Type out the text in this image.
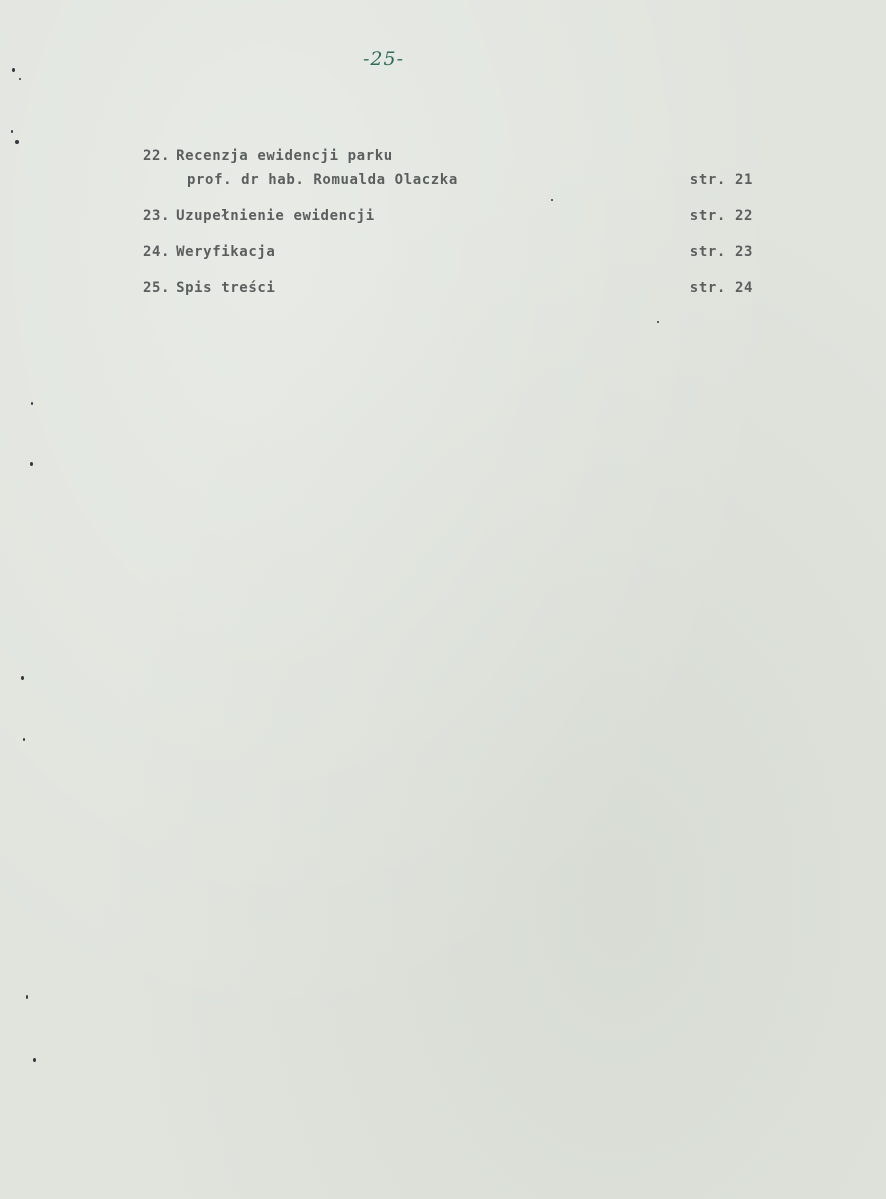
-25-
22. Recenzja ewidencji parku
prof. dr hab. Romualda Olaczka	str. 21
23. Uzupełnienie ewidencji	str. 22
24. Weryfikacja	str. 23
25. Spis treści	str. 24
